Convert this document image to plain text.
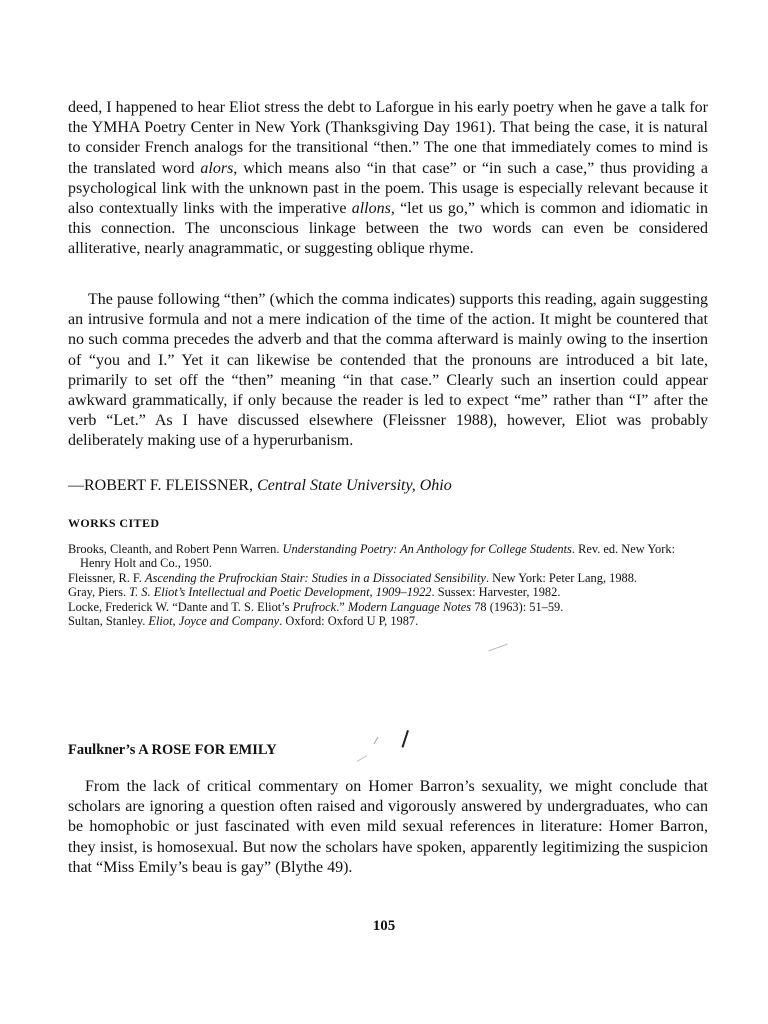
deed, I happened to hear Eliot stress the debt to Laforgue in his early poetry when he gave a talk for the YMHA Poetry Center in New York (Thanksgiving Day 1961). That being the case, it is natural to consider French analogs for the transitional “then.” The one that immediately comes to mind is the translated word alors, which means also “in that case” or “in such a case,” thus providing a psychological link with the unknown past in the poem. This usage is especially relevant because it also contextually links with the imperative allons, “let us go,” which is common and idiomatic in this connection. The unconscious linkage between the two words can even be considered alliterative, nearly anagrammatic, or suggesting oblique rhyme.

The pause following “then” (which the comma indicates) supports this reading, again suggesting an intrusive formula and not a mere indication of the time of the action. It might be countered that no such comma precedes the adverb and that the comma afterward is mainly owing to the insertion of “you and I.” Yet it can likewise be contended that the pronouns are introduced a bit late, primarily to set off the “then” meaning “in that case.” Clearly such an insertion could appear awkward grammatically, if only because the reader is led to expect “me” rather than “I” after the verb “Let.” As I have discussed elsewhere (Fleissner 1988), however, Eliot was probably deliberately making use of a hyperurbanism.

—ROBERT F. FLEISSNER, Central State University, Ohio

WORKS CITED

Brooks, Cleanth, and Robert Penn Warren. Understanding Poetry: An Anthology for College Students. Rev. ed. New York: Henry Holt and Co., 1950.
Fleissner, R. F. Ascending the Prufrockian Stair: Studies in a Dissociated Sensibility. New York: Peter Lang, 1988.
Gray, Piers. T. S. Eliot’s Intellectual and Poetic Development, 1909–1922. Sussex: Harvester, 1982.
Locke, Frederick W. “Dante and T. S. Eliot’s Prufrock.” Modern Language Notes 78 (1963): 51–59.
Sultan, Stanley. Eliot, Joyce and Company. Oxford: Oxford U P, 1987.

Faulkner’s A ROSE FOR EMILY

From the lack of critical commentary on Homer Barron’s sexuality, we might conclude that scholars are ignoring a question often raised and vigorously answered by undergraduates, who can be homophobic or just fascinated with even mild sexual references in literature: Homer Barron, they insist, is homosexual. But now the scholars have spoken, apparently legitimizing the suspicion that “Miss Emily’s beau is gay” (Blythe 49).

105
